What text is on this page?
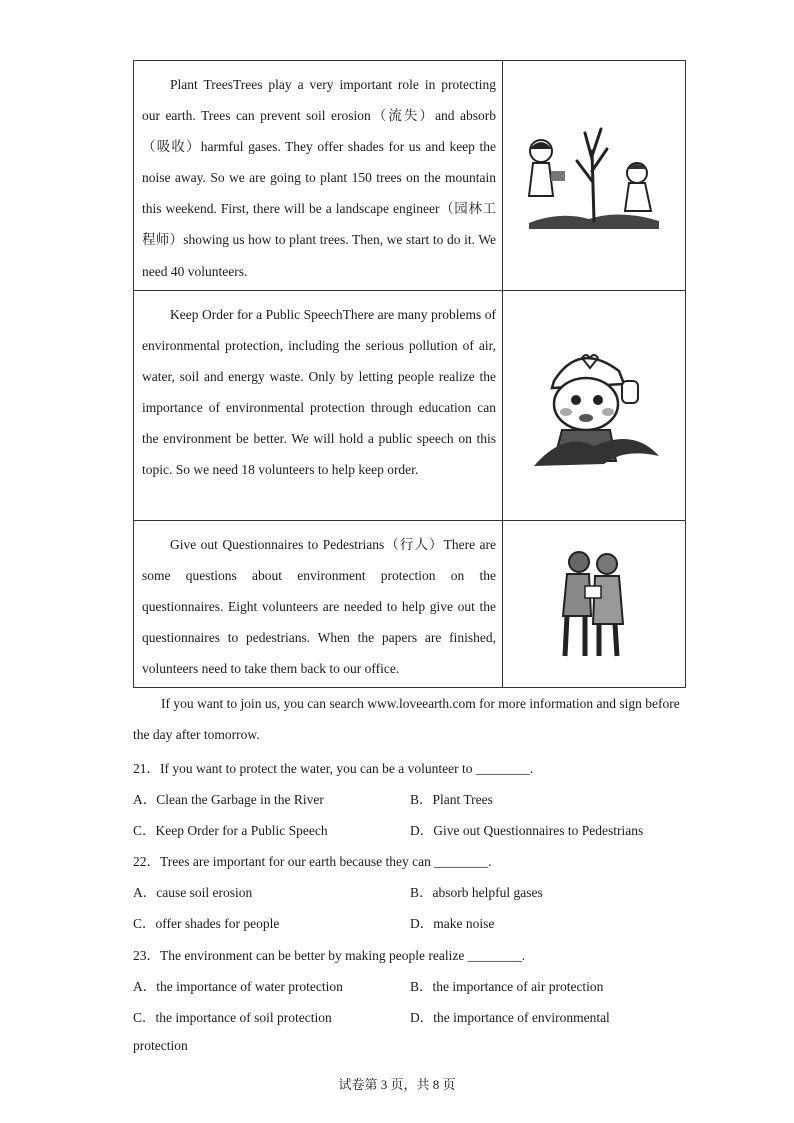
Plant TreesTrees play a very important role in protecting our earth. Trees can prevent soil erosion（流失）and absorb（吸收）harmful gases. They offer shades for us and keep the noise away. So we are going to plant 150 trees on the mountain this weekend. First, there will be a landscape engineer（园林工程师）showing us how to plant trees. Then, we start to do it. We need 40 volunteers.

Keep Order for a Public SpeechThere are many problems of environmental protection, including the serious pollution of air, water, soil and energy waste. Only by letting people realize the importance of environmental protection through education can the environment be better. We will hold a public speech on this topic. So we need 18 volunteers to help keep order.

Give out Questionnaires to Pedestrians（行人）There are some questions about environment protection on the questionnaires. Eight volunteers are needed to help give out the questionnaires to pedestrians. When the papers are finished, volunteers need to take them back to our office.

If you want to join us, you can search www.loveearth.com for more information and sign before the day after tomorrow.
21．If you want to protect the water, you can be a volunteer to ________.
A．Clean the Garbage in the River	B．Plant Trees
C．Keep Order for a Public Speech	D．Give out Questionnaires to Pedestrians
22．Trees are important for our earth because they can ________.
A．cause soil erosion	B．absorb helpful gases
C．offer shades for people	D．make noise
23．The environment can be better by making people realize ________.
A．the importance of water protection	B．the importance of air protection
C．the importance of soil protection	D．the importance of environmental
protection
试卷第 3 页，共 8 页
